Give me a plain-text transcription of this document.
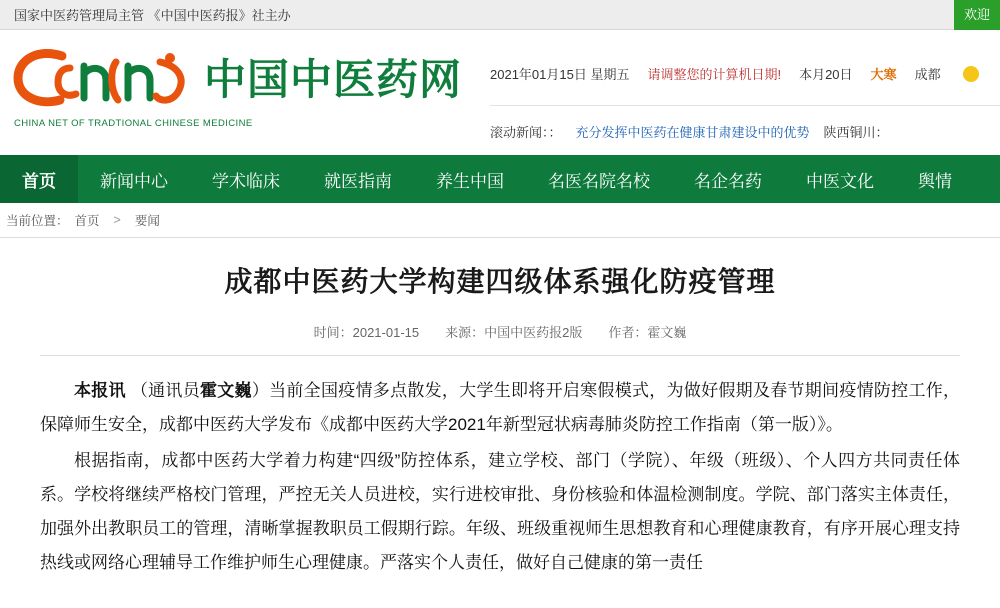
国家中医药管理局主管 《中国中医药报》社主办	欢迎
中国中医药网
CHINA NET OF TRADTIONAL CHINESE MEDICINE
2021年01月15日 星期五 请调整您的计算机日期! 本月20日 大寒 成都
滚动新闻：： 充分发挥中医药在健康甘肃建设中的优势 陕西铜川：
首页	新闻中心	学术临床	就医指南	养生中国	名医名院名校	名企名药	中医文化	舆情
当前位置： 首页 > 要闻
成都中医药大学构建四级体系强化防疫管理
时间：2021-01-15 来源：中国中医药报2版 作者：霍文巍

本报讯 （通讯员霍文巍）当前全国疫情多点散发，大学生即将开启寒假模式，为做好假期及春节期间疫情防控工作，保障师生安全，成都中医药大学发布《成都中医药大学2021年新型冠状病毒肺炎防控工作指南（第一版）》。

根据指南，成都中医药大学着力构建“四级”防控体系，建立学校、部门（学院）、年级（班级）、个人四方共同责任体系。学校将继续严格校门管理，严控无关人员进校，实行进校审批、身份核验和体温检测制度。学院、部门落实主体责任，加强外出教职员工的管理，清晰掌握教职员工假期行踪。年级、班级重视师生思想教育和心理健康教育，有序开展心理支持热线或网络心理辅导工作维护师生心理健康。严落实个人责任，做好自己健康的第一责任
